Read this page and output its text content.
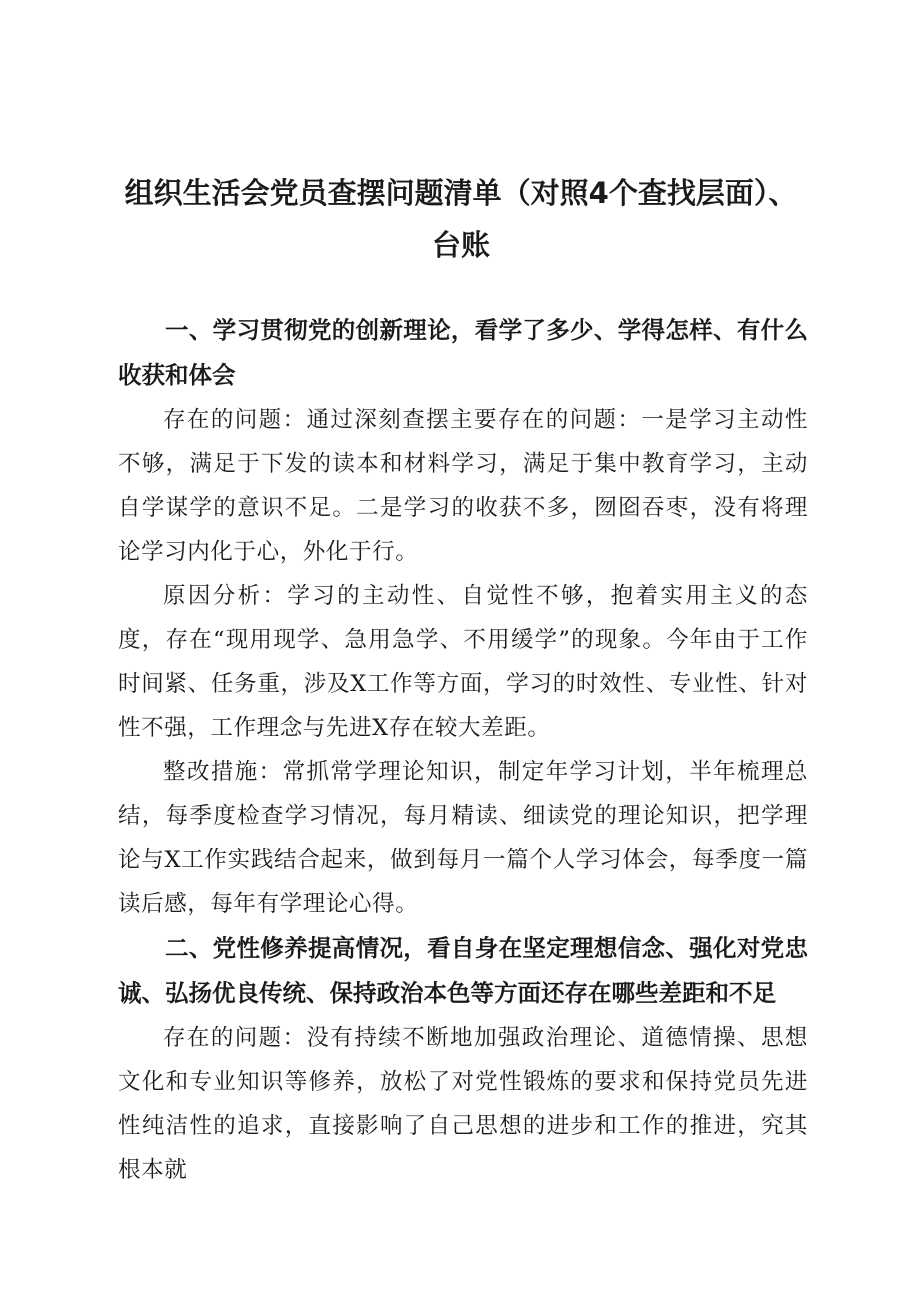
组织生活会党员查摆问题清单（对照4个查找层面）、台账

一、学习贯彻党的创新理论，看学了多少、学得怎样、有什么收获和体会

存在的问题：通过深刻查摆主要存在的问题：一是学习主动性不够，满足于下发的读本和材料学习，满足于集中教育学习，主动自学谋学的意识不足。二是学习的收获不多，囫囵吞枣，没有将理论学习内化于心，外化于行。

原因分析：学习的主动性、自觉性不够，抱着实用主义的态度，存在“现用现学、急用急学、不用缓学”的现象。今年由于工作时间紧、任务重，涉及X工作等方面，学习的时效性、专业性、针对性不强，工作理念与先进X存在较大差距。

整改措施：常抓常学理论知识，制定年学习计划，半年梳理总结，每季度检查学习情况，每月精读、细读党的理论知识，把学理论与X工作实践结合起来，做到每月一篇个人学习体会，每季度一篇读后感，每年有学理论心得。

二、党性修养提高情况，看自身在坚定理想信念、强化对党忠诚、弘扬优良传统、保持政治本色等方面还存在哪些差距和不足

存在的问题：没有持续不断地加强政治理论、道德情操、思想文化和专业知识等修养，放松了对党性锻炼的要求和保持党员先进性纯洁性的追求，直接影响了自己思想的进步和工作的推进，究其根本就
